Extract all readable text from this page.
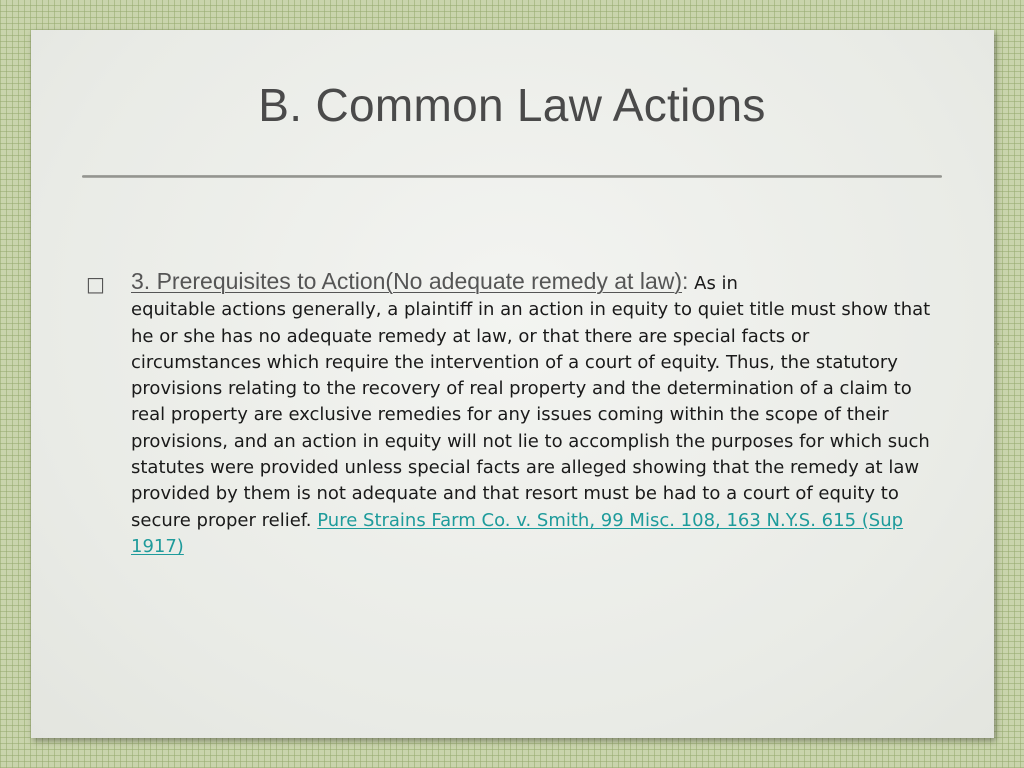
B. Common Law Actions
□ 3. Prerequisites to Action(No adequate remedy at law): As in
equitable actions generally, a plaintiff in an action in equity to quiet title must show that he or she has no adequate remedy at law, or that there are special facts or circumstances which require the intervention of a court of equity. Thus, the statutory provisions relating to the recovery of real property and the determination of a claim to real property are exclusive remedies for any issues coming within the scope of their provisions, and an action in equity will not lie to accomplish the purposes for which such statutes were provided unless special facts are alleged showing that the remedy at law provided by them is not adequate and that resort must be had to a court of equity to secure proper relief. Pure Strains Farm Co. v. Smith, 99 Misc. 108, 163 N.Y.S. 615 (Sup 1917)
